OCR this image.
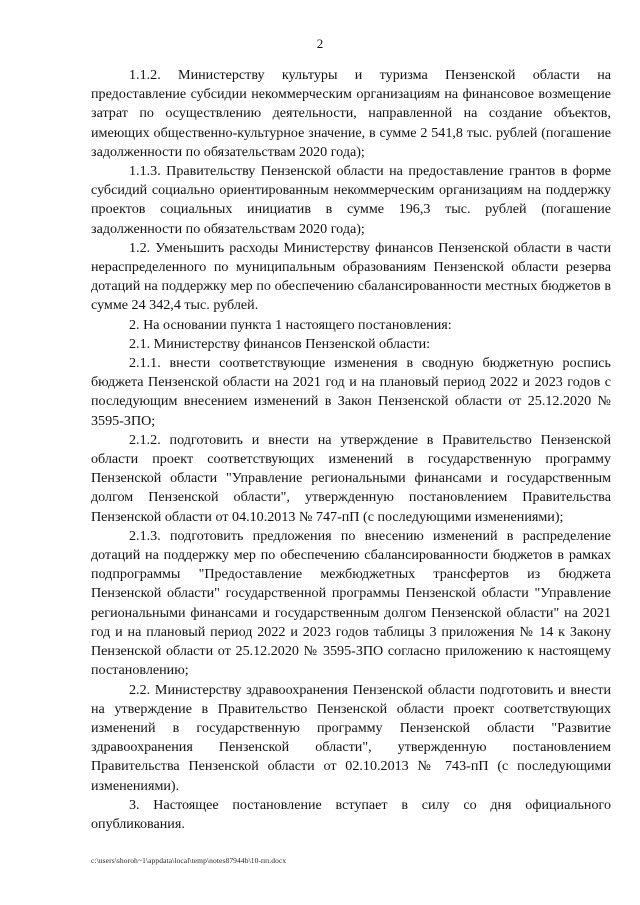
2

1.1.2. Министерству культуры и туризма Пензенской области на предоставление субсидии некоммерческим организациям на финансовое возмещение затрат по осуществлению деятельности, направленной на создание объектов, имеющих общественно-культурное значение, в сумме 2 541,8 тыс. рублей (погашение задолженности по обязательствам 2020 года);

1.1.3. Правительству Пензенской области на предоставление грантов в форме субсидий социально ориентированным некоммерческим организациям на поддержку проектов социальных инициатив в сумме 196,3 тыс. рублей (погашение задолженности по обязательствам 2020 года);

1.2. Уменьшить расходы Министерству финансов Пензенской области в части нераспределенного по муниципальным образованиям Пензенской области резерва дотаций на поддержку мер по обеспечению сбалансированности местных бюджетов в сумме 24 342,4 тыс. рублей.

2. На основании пункта 1 настоящего постановления:

2.1. Министерству финансов Пензенской области:

2.1.1. внести соответствующие изменения в сводную бюджетную роспись бюджета Пензенской области на 2021 год и на плановый период 2022 и 2023 годов с последующим внесением изменений в Закон Пензенской области от 25.12.2020 № 3595-ЗПО;

2.1.2. подготовить и внести на утверждение в Правительство Пензенской области проект соответствующих изменений в государственную программу Пензенской области "Управление региональными финансами и государственным долгом Пензенской области", утвержденную постановлением Правительства Пензенской области от 04.10.2013 № 747-пП (с последующими изменениями);

2.1.3. подготовить предложения по внесению изменений в распределение дотаций на поддержку мер по обеспечению сбалансированности бюджетов в рамках подпрограммы "Предоставление межбюджетных трансфертов из бюджета Пензенской области" государственной программы Пензенской области "Управление региональными финансами и государственным долгом Пензенской области" на 2021 год и на плановый период 2022 и 2023 годов таблицы 3 приложения № 14 к Закону Пензенской области от 25.12.2020 № 3595-ЗПО согласно приложению к настоящему постановлению;

2.2. Министерству здравоохранения Пензенской области подготовить и внести на утверждение в Правительство Пензенской области проект соответствующих изменений в государственную программу Пензенской области "Развитие здравоохранения Пензенской области", утвержденную постановлением Правительства Пензенской области от 02.10.2013 № 743-пП (с последующими изменениями).

3. Настоящее постановление вступает в силу со дня официального опубликования.

c:\users\shoroh~1\appdata\local\temp\notes87944b\10-пп.docx
